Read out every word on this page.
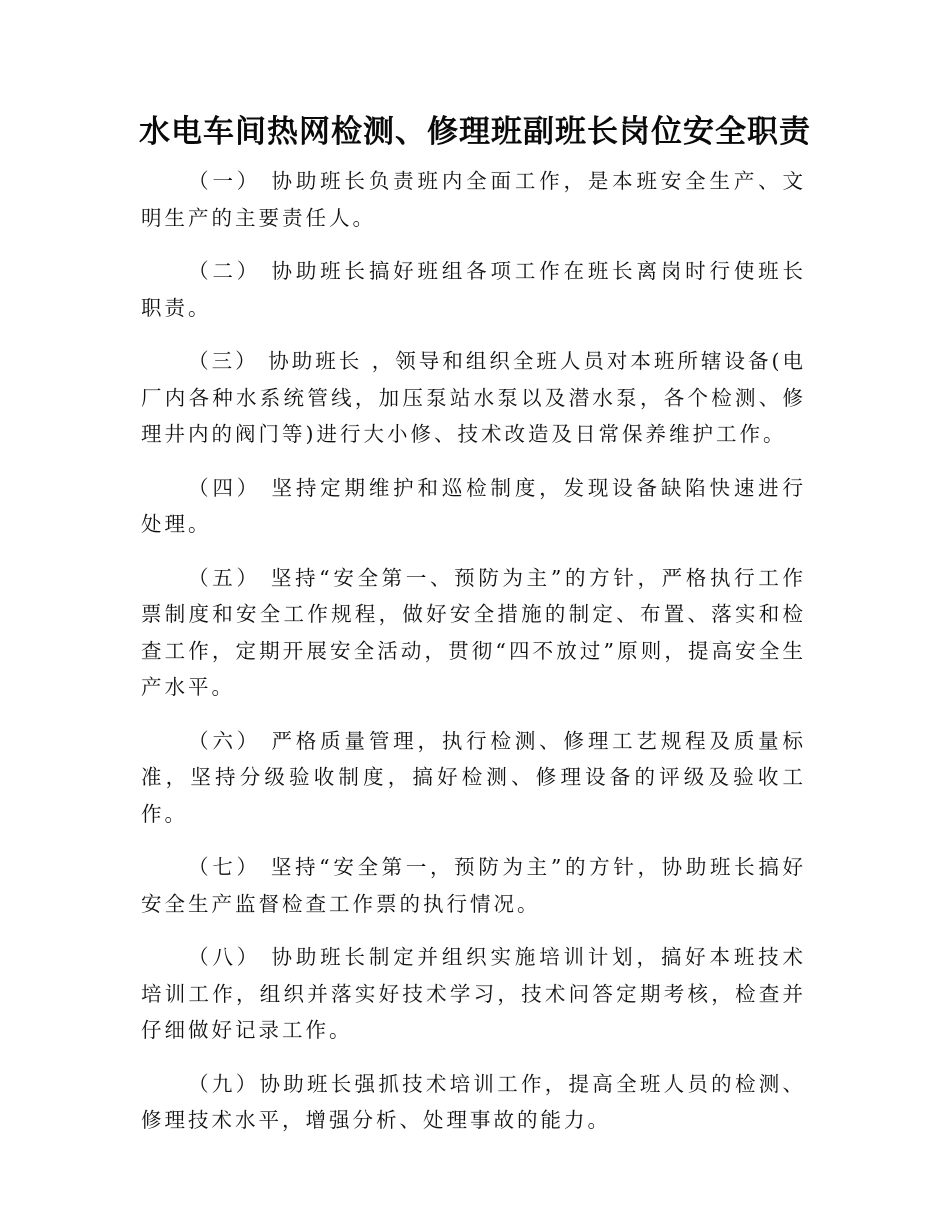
水电车间热网检测、修理班副班长岗位安全职责

（一） 协助班长负责班内全面工作，是本班安全生产、文明生产的主要责任人。

（二） 协助班长搞好班组各项工作在班长离岗时行使班长职责。

（三） 协助班长 ，领导和组织全班人员对本班所辖设备(电厂内各种水系统管线，加压泵站水泵以及潜水泵，各个检测、修理井内的阀门等)进行大小修、技术改造及日常保养维护工作。

（四） 坚持定期维护和巡检制度，发现设备缺陷快速进行处理。

（五） 坚持“安全第一、预防为主”的方针，严格执行工作票制度和安全工作规程，做好安全措施的制定、布置、落实和检查工作，定期开展安全活动，贯彻“四不放过”原则，提高安全生产水平。

（六） 严格质量管理，执行检测、修理工艺规程及质量标准，坚持分级验收制度，搞好检测、修理设备的评级及验收工作。

（七） 坚持“安全第一，预防为主”的方针，协助班长搞好安全生产监督检查工作票的执行情况。

（八） 协助班长制定并组织实施培训计划，搞好本班技术培训工作，组织并落实好技术学习，技术问答定期考核，检查并仔细做好记录工作。

（九）协助班长强抓技术培训工作，提高全班人员的检测、修理技术水平，增强分析、处理事故的能力。
